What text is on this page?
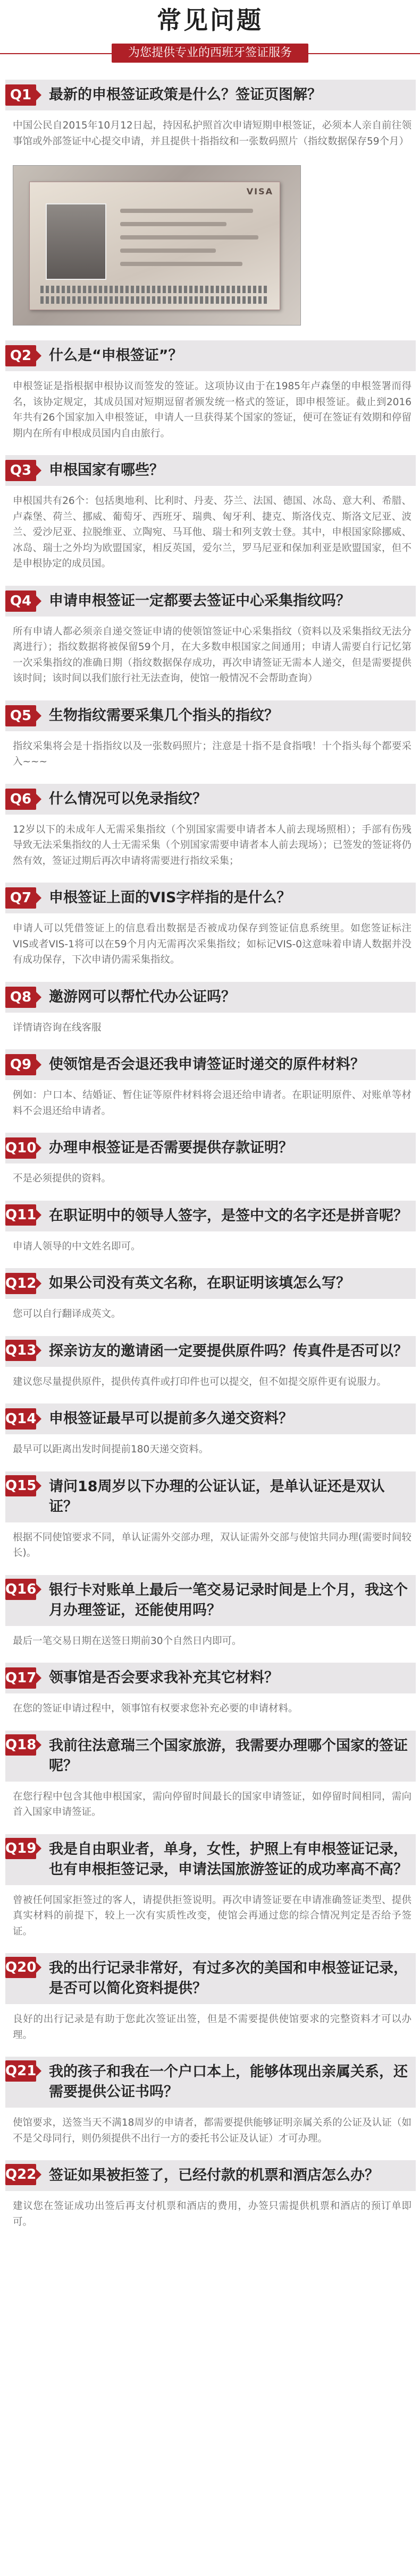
常见问题
为您提供专业的西班牙签证服务
Q1	最新的申根签证政策是什么？签证页图解？
中国公民自2015年10月12日起，持因私护照首次申请短期申根签证，必须本人亲自前往领事馆或外部签证中心提交申请，并且提供十指指纹和一张数码照片（指纹数据保存59个月）
VISA
Q2	什么是“申根签证”？
申根签证是指根据申根协议而签发的签证。这项协议由于在1985年卢森堡的申根签署而得名，该协定规定，其成员国对短期逗留者颁发统一格式的签证，即申根签证。截止到2016年共有26个国家加入申根签证，申请人一旦获得某个国家的签证，便可在签证有效期和停留期内在所有申根成员国内自由旅行。
Q3	申根国家有哪些？
申根国共有26个：包括奥地利、比利时、丹麦、芬兰、法国、德国、冰岛、意大利、希腊、卢森堡、荷兰、挪威、葡萄牙、西班牙、瑞典、匈牙利、捷克、斯洛伐克、斯洛文尼亚、波兰、爱沙尼亚、拉脱维亚、立陶宛、马耳他、瑞士和列支敦士登。其中，申根国家除挪威、冰岛、瑞士之外均为欧盟国家，相反英国，爱尔兰，罗马尼亚和保加利亚是欧盟国家，但不是申根协定的成员国。
Q4	申请申根签证一定都要去签证中心采集指纹吗？
所有申请人都必须亲自递交签证申请的使领馆签证中心采集指纹（资料以及采集指纹无法分离进行）；指纹数据将被保留59个月，在大多数申根国家之间通用；申请人需要自行记忆第一次采集指纹的准确日期（指纹数据保存成功，再次申请签证无需本人递交，但是需要提供该时间；该时间以我们旅行社无法查询，使馆一般情况不会帮助查询）
Q5	生物指纹需要采集几个指头的指纹？
指纹采集将会是十指指纹以及一张数码照片；注意是十指不是食指哦！十个指头每个都要采入~~~
Q6	什么情况可以免录指纹？
12岁以下的未成年人无需采集指纹（个别国家需要申请者本人前去现场照相）；手部有伤残导致无法采集指纹的人士无需采集（个别国家需要申请者本人前去现场）；已签发的签证将仍然有效，签证过期后再次申请将需要进行指纹采集；
Q7	申根签证上面的VIS字样指的是什么？
申请人可以凭借签证上的信息看出数据是否被成功保存到签证信息系统里。如您签证标注VIS或者VIS-1将可以在59个月内无需再次采集指纹；如标记VIS-0这意味着申请人数据并没有成功保存，下次申请仍需采集指纹。
Q8	邀游网可以帮忙代办公证吗？
详情请咨询在线客服
Q9	使领馆是否会退还我申请签证时递交的原件材料？
例如：户口本、结婚证、暂住证等原件材料将会退还给申请者。在职证明原件、对账单等材料不会退还给申请者。
Q10 办理申根签证是否需要提供存款证明？
不是必须提供的资料。
Q11 在职证明中的领导人签字，是签中文的名字还是拼音呢？
申请人领导的中文姓名即可。
Q12 如果公司没有英文名称，在职证明该填怎么写？
您可以自行翻译成英文。
Q13 探亲访友的邀请函一定要提供原件吗？传真件是否可以？
建议您尽量提供原件，提供传真件或打印件也可以提交，但不如提交原件更有说服力。
Q14 申根签证最早可以提前多久递交资料？
最早可以距离出发时间提前180天递交资料。
Q15 请问18周岁以下办理的公证认证，是单认证还是双认证？
根据不同使馆要求不同，单认证需外交部办理，双认证需外交部与使馆共同办理(需要时间较长)。
Q16 银行卡对账单上最后一笔交易记录时间是上个月，我这个月办理签证，还能使用吗？
最后一笔交易日期在送签日期前30个自然日内即可。
Q17 领事馆是否会要求我补充其它材料？
在您的签证申请过程中，领事馆有权要求您补充必要的申请材料。
Q18 我前往法意瑞三个国家旅游，我需要办理哪个国家的签证呢？
在您行程中包含其他申根国家，需向停留时间最长的国家申请签证，如停留时间相同，需向首入国家申请签证。
Q19 我是自由职业者，单身，女性，护照上有申根签证记录，也有申根拒签记录，申请法国旅游签证的成功率高不高？
曾被任何国家拒签过的客人，请提供拒签说明。再次申请签证要在申请准确签证类型、提供真实材料的前提下，较上一次有实质性改变，使馆会再通过您的综合情况判定是否给予签证。
Q20 我的出行记录非常好，有过多次的美国和申根签证记录，是否可以简化资料提供？
良好的出行记录是有助于您此次签证出签，但是不需要提供使馆要求的完整资料才可以办理。
Q21 我的孩子和我在一个户口本上，能够体现出亲属关系，还需要提供公证书吗？
使馆要求，送签当天不满18周岁的申请者，都需要提供能够证明亲属关系的公证及认证（如不是父母同行，则仍须提供不出行一方的委托书公证及认证）才可办理。
Q22 签证如果被拒签了，已经付款的机票和酒店怎么办？
建议您在签证成功出签后再支付机票和酒店的费用，办签只需提供机票和酒店的预订单即可。
